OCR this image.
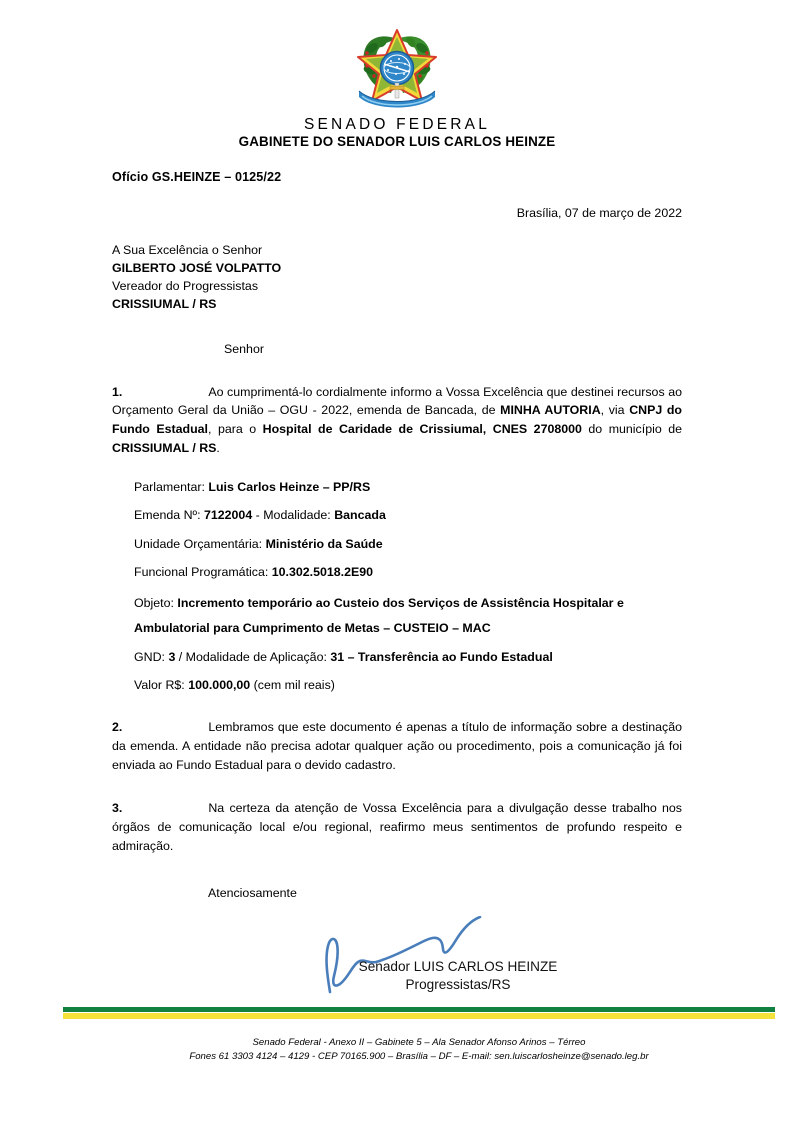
SENADO FEDERAL
GABINETE DO SENADOR LUIS CARLOS HEINZE
Ofício GS.HEINZE – 0125/22
Brasília, 07 de março de 2022
A Sua Excelência o Senhor
GILBERTO JOSÉ VOLPATTO
Vereador do Progressistas
CRISSIUMAL / RS
Senhor
1.	Ao cumprimentá-lo cordialmente informo a Vossa Excelência que destinei recursos ao Orçamento Geral da União – OGU - 2022, emenda de Bancada, de MINHA AUTORIA, via CNPJ do Fundo Estadual, para o Hospital de Caridade de Crissiumal, CNES 2708000 do município de CRISSIUMAL / RS.
Parlamentar: Luis Carlos Heinze – PP/RS
Emenda Nº: 7122004 - Modalidade: Bancada
Unidade Orçamentária: Ministério da Saúde
Funcional Programática: 10.302.5018.2E90
Objeto: Incremento temporário ao Custeio dos Serviços de Assistência Hospitalar e Ambulatorial para Cumprimento de Metas – CUSTEIO – MAC
GND: 3 / Modalidade de Aplicação: 31 – Transferência ao Fundo Estadual
Valor R$: 100.000,00 (cem mil reais)
2.	Lembramos que este documento é apenas a título de informação sobre a destinação da emenda. A entidade não precisa adotar qualquer ação ou procedimento, pois a comunicação já foi enviada ao Fundo Estadual para o devido cadastro.
3.	Na certeza da atenção de Vossa Excelência para a divulgação desse trabalho nos órgãos de comunicação local e/ou regional, reafirmo meus sentimentos de profundo respeito e admiração.
Atenciosamente
Senador LUIS CARLOS HEINZE
Progressistas/RS
Senado Federal - Anexo II – Gabinete 5 – Ala Senador Afonso Arinos – Térreo
Fones 61 3303 4124 – 4129 - CEP 70165.900 – Brasília – DF – E-mail: sen.luiscarlosheinze@senado.leg.br
